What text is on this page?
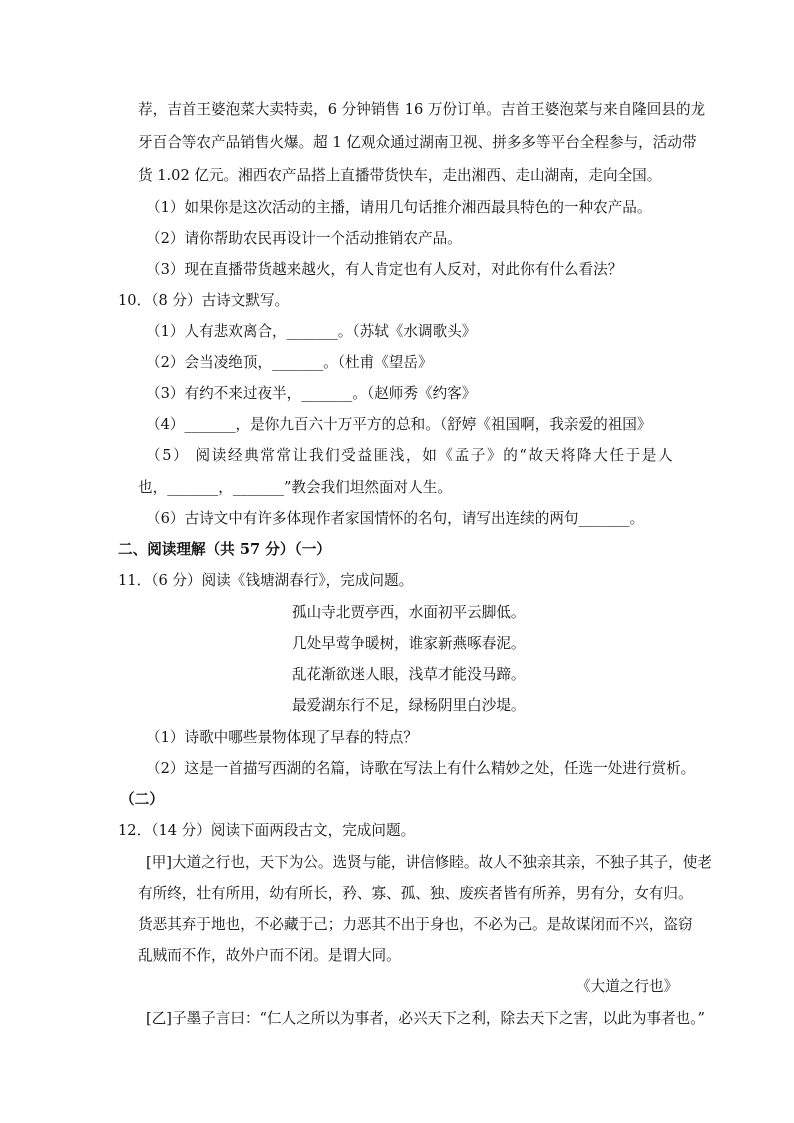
荐，吉首王婆泡菜大卖特卖，6 分钟销售 16 万份订单。吉首王婆泡菜与来自隆回县的龙
牙百合等农产品销售火爆。超 1 亿观众通过湖南卫视、拼多多等平台全程参与，活动带
货 1.02 亿元。湘西农产品搭上直播带货快车，走出湘西、走山湖南，走向全国。
（1）如果你是这次活动的主播，请用几句话推介湘西最具特色的一种农产品。
（2）请你帮助农民再设计一个活动推销农产品。
（3）现在直播带货越来越火，有人肯定也有人反对，对此你有什么看法？
10．（8 分）古诗文默写。
（1）人有悲欢离合，_______。（苏轼《水调歌头》
（2）会当凌绝顶，_______。（杜甫《望岳》
（3）有约不来过夜半，_______。（赵师秀《约客》
（4）_______，是你九百六十万平方的总和。（舒婷《祖国啊，我亲爱的祖国》
（5） 阅读经典常常让我们受益匪浅，如《孟子》的“故天将降大任于是人
也，_______，_______”教会我们坦然面对人生。
（6）古诗文中有许多体现作者家国情怀的名句，请写出连续的两句_______。
二、阅读理解（共 57 分）（一）
11．（6 分）阅读《钱塘湖春行》，完成问题。
孤山寺北贾亭西，水面初平云脚低。
几处早莺争暖树，谁家新燕啄春泥。
乱花渐欲迷人眼，浅草才能没马蹄。
最爱湖东行不足，绿杨阴里白沙堤。
（1）诗歌中哪些景物体现了早春的特点？
（2）这是一首描写西湖的名篇，诗歌在写法上有什么精妙之处，任选一处进行赏析。
（二）
12．（14 分）阅读下面两段古文，完成问题。
[甲]大道之行也，天下为公。选贤与能，讲信修睦。故人不独亲其亲，不独子其子，使老
有所终，壮有所用，幼有所长，矜、寡、孤、独、废疾者皆有所养，男有分，女有归。
货恶其弃于地也，不必藏于己；力恶其不出于身也，不必为己。是故谋闭而不兴，盗窃
乱贼而不作，故外户而不闭。是谓大同。
《大道之行也》
[乙]子墨子言曰：“仁人之所以为事者，必兴天下之利，除去天下之害，以此为事者也。”
